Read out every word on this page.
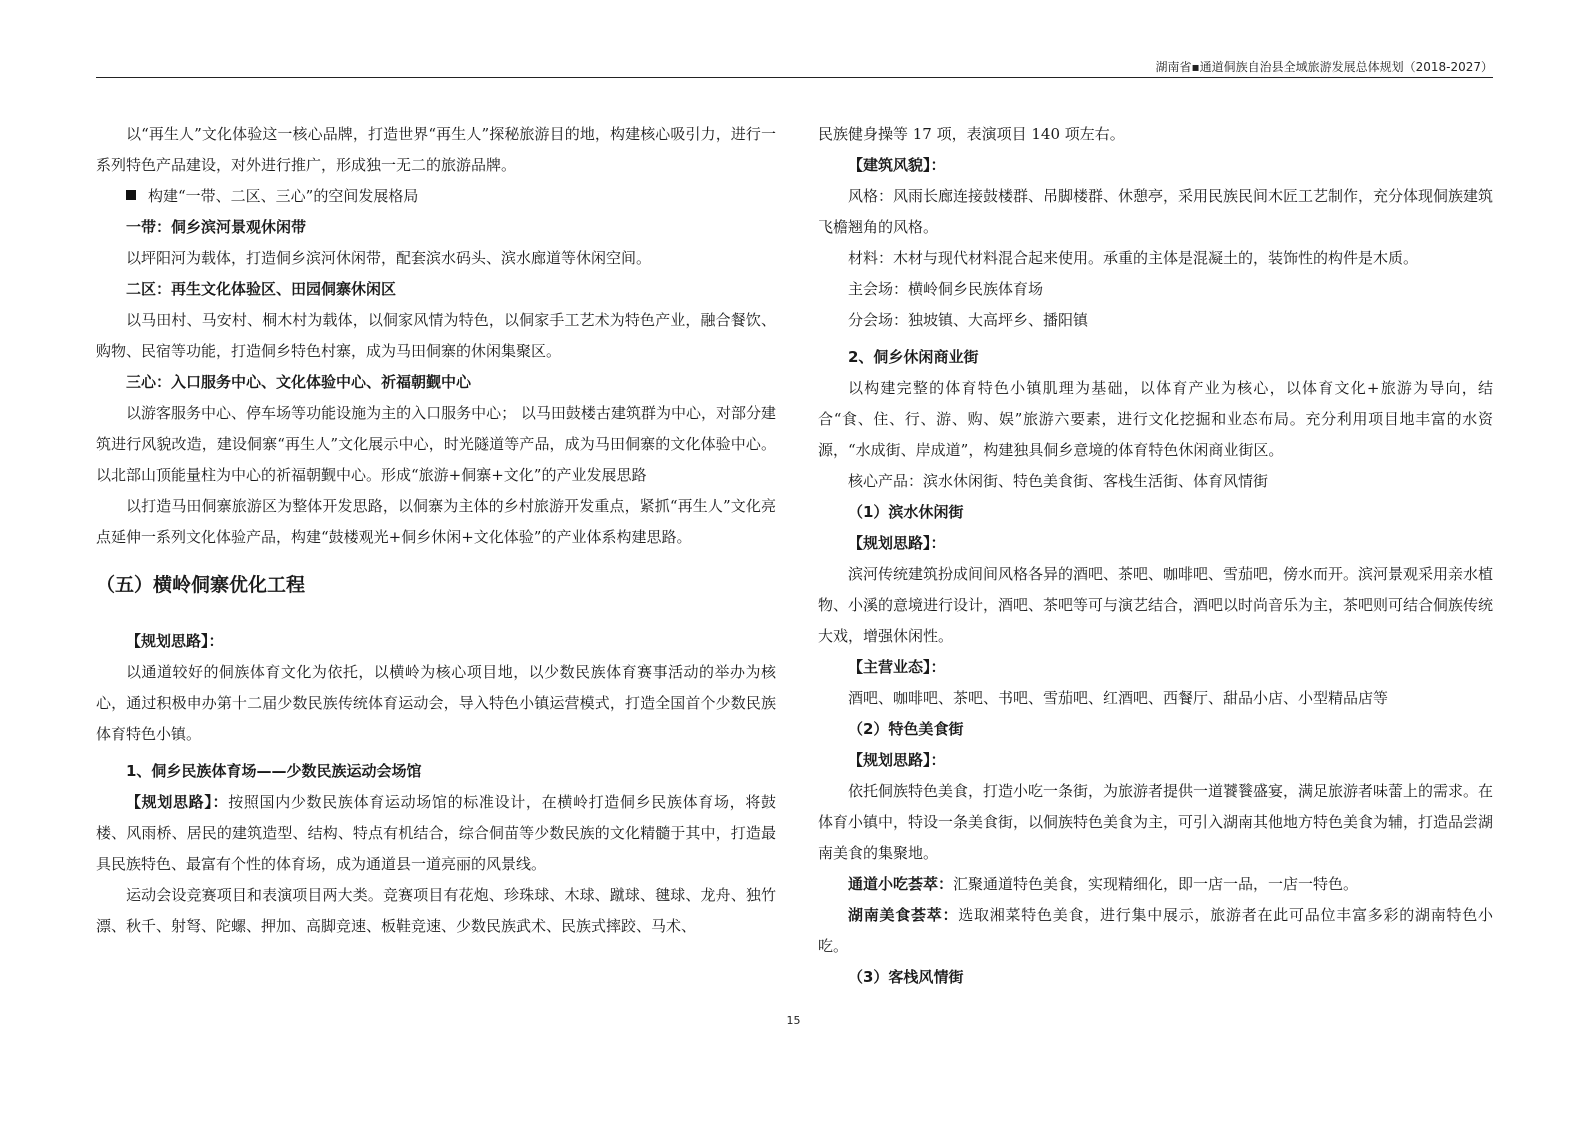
湖南省▪通道侗族自治县全域旅游发展总体规划（2018-2027）

以“再生人”文化体验这一核心品牌，打造世界“再生人”探秘旅游目的地，构建核心吸引力，进行一系列特色产品建设，对外进行推广，形成独一无二的旅游品牌。

构建“一带、二区、三心”的空间发展格局

一带：侗乡滨河景观休闲带

以坪阳河为载体，打造侗乡滨河休闲带，配套滨水码头、滨水廊道等休闲空间。

二区：再生文化体验区、田园侗寨休闲区

以马田村、马安村、桐木村为载体，以侗家风情为特色，以侗家手工艺术为特色产业，融合餐饮、购物、民宿等功能，打造侗乡特色村寨，成为马田侗寨的休闲集聚区。

三心：入口服务中心、文化体验中心、祈福朝觐中心

以游客服务中心、停车场等功能设施为主的入口服务中心； 以马田鼓楼古建筑群为中心，对部分建筑进行风貌改造，建设侗寨“再生人”文化展示中心，时光隧道等产品，成为马田侗寨的文化体验中心。以北部山顶能量柱为中心的祈福朝觐中心。形成“旅游+侗寨+文化”的产业发展思路

以打造马田侗寨旅游区为整体开发思路，以侗寨为主体的乡村旅游开发重点，紧抓“再生人”文化亮点延伸一系列文化体验产品，构建“鼓楼观光+侗乡休闲+文化体验”的产业体系构建思路。

（五）横岭侗寨优化工程

【规划思路】：

以通道较好的侗族体育文化为依托，以横岭为核心项目地，以少数民族体育赛事活动的举办为核心，通过积极申办第十二届少数民族传统体育运动会，导入特色小镇运营模式，打造全国首个少数民族体育特色小镇。

1、侗乡民族体育场——少数民族运动会场馆

【规划思路】：按照国内少数民族体育运动场馆的标准设计，在横岭打造侗乡民族体育场，将鼓楼、风雨桥、居民的建筑造型、结构、特点有机结合，综合侗苗等少数民族的文化精髓于其中，打造最具民族特色、最富有个性的体育场，成为通道县一道亮丽的风景线。

运动会设竞赛项目和表演项目两大类。竞赛项目有花炮、珍珠球、木球、蹴球、毽球、龙舟、独竹漂、秋千、射弩、陀螺、押加、高脚竞速、板鞋竞速、少数民族武术、民族式摔跤、马术、

民族健身操等 17 项，表演项目 140 项左右。

【建筑风貌】：

风格：风雨长廊连接鼓楼群、吊脚楼群、休憩亭，采用民族民间木匠工艺制作，充分体现侗族建筑飞檐翘角的风格。

材料：木材与现代材料混合起来使用。承重的主体是混凝土的，装饰性的构件是木质。

主会场：横岭侗乡民族体育场

分会场：独坡镇、大高坪乡、播阳镇

2、侗乡休闲商业街

以构建完整的体育特色小镇肌理为基础，以体育产业为核心，以体育文化+旅游为导向，结合“食、住、行、游、购、娱”旅游六要素，进行文化挖掘和业态布局。充分利用项目地丰富的水资源，“水成街、岸成道”，构建独具侗乡意境的体育特色休闲商业街区。

核心产品：滨水休闲街、特色美食街、客栈生活街、体育风情街

（1）滨水休闲街

【规划思路】：

滨河传统建筑扮成间间风格各异的酒吧、茶吧、咖啡吧、雪茄吧，傍水而开。滨河景观采用亲水植物、小溪的意境进行设计，酒吧、茶吧等可与演艺结合，酒吧以时尚音乐为主，茶吧则可结合侗族传统大戏，增强休闲性。

【主营业态】：

酒吧、咖啡吧、茶吧、书吧、雪茄吧、红酒吧、西餐厅、甜品小店、小型精品店等

（2）特色美食街

【规划思路】：

依托侗族特色美食，打造小吃一条街，为旅游者提供一道饕餮盛宴，满足旅游者味蕾上的需求。在体育小镇中，特设一条美食街，以侗族特色美食为主，可引入湖南其他地方特色美食为辅，打造品尝湖南美食的集聚地。

通道小吃荟萃：汇聚通道特色美食，实现精细化，即一店一品，一店一特色。

湖南美食荟萃：选取湘菜特色美食，进行集中展示，旅游者在此可品位丰富多彩的湖南特色小吃。

（3）客栈风情街

15
